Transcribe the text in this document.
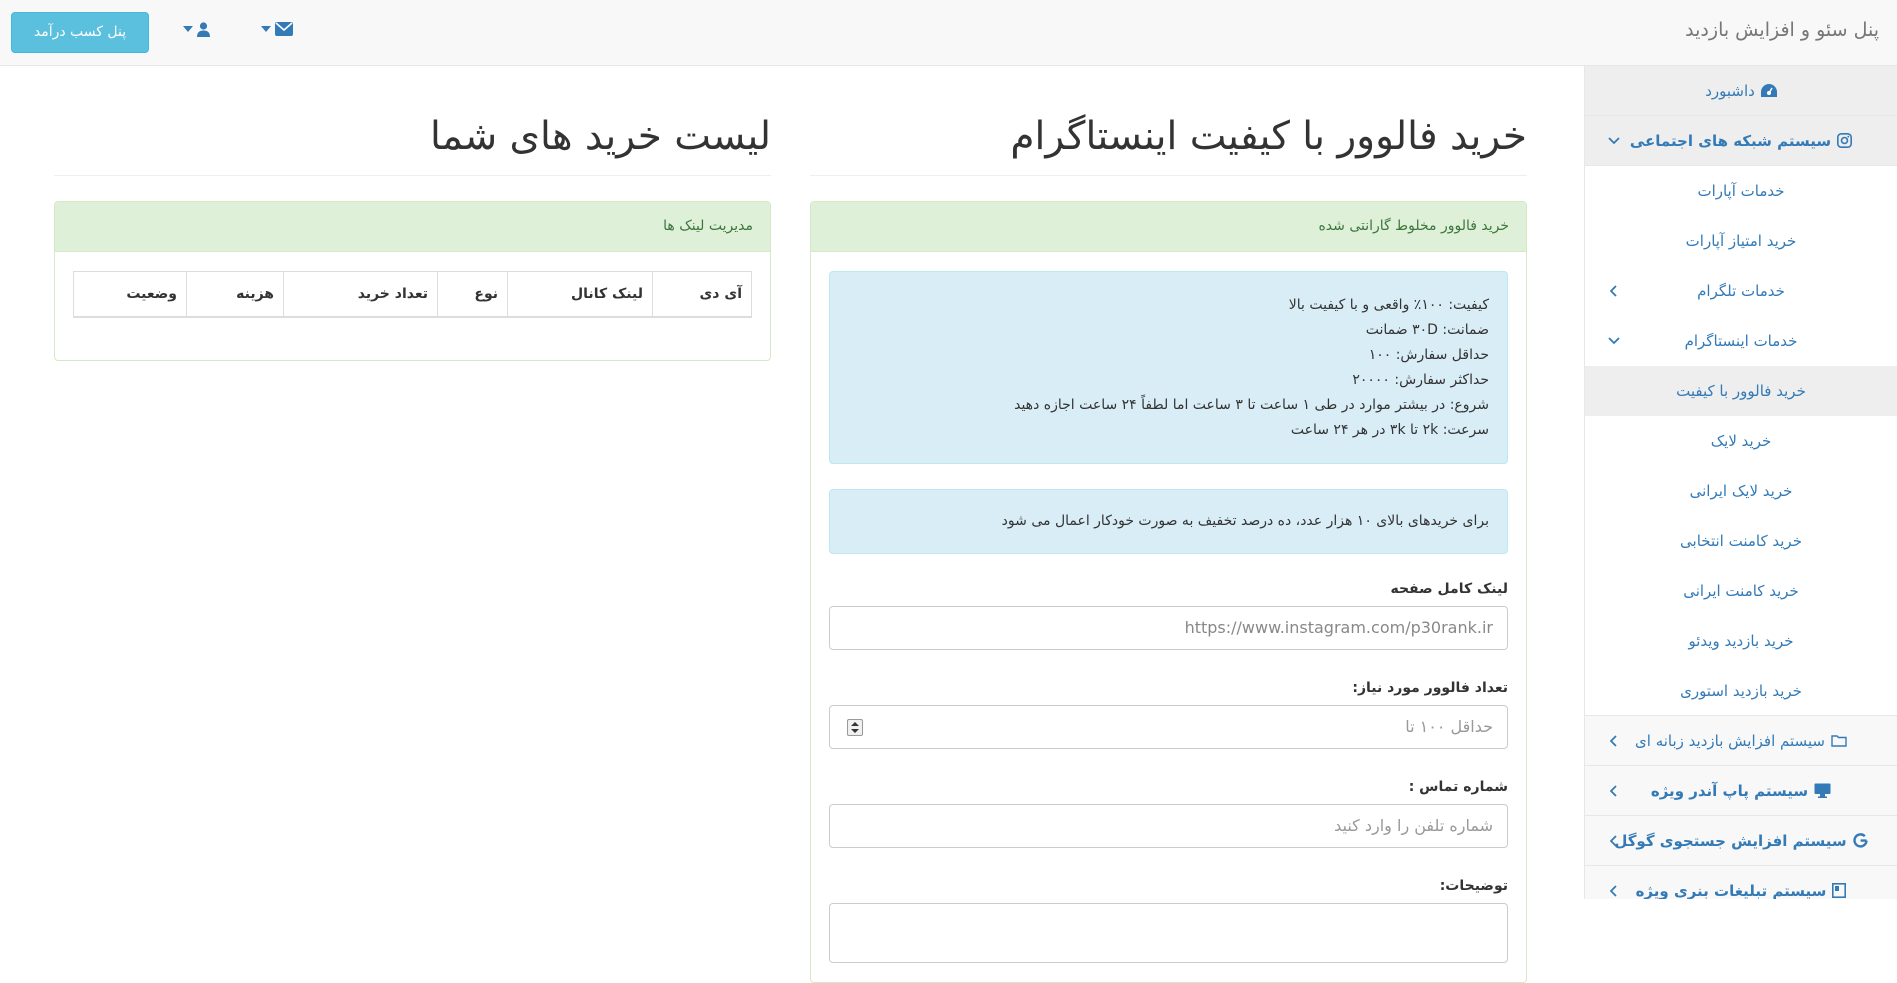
پنل سئو و افزایش بازدید
پنل کسب درآمد
داشبورد
سیستم شبکه های اجتماعی
خدمات آپارات
خرید امتیاز آپارات
خدمات تلگرام
خدمات اینستاگرام
خرید فالوور با کیفیت
خرید لایک
خرید لایک ایرانی
خرید کامنت انتخابی
خرید کامنت ایرانی
خرید بازدید ویدئو
خرید بازدید استوری
سیستم افزایش بازدید زبانه ای
سیستم پاپ آندر ویژه
سیستم افزایش جستجوی گوگل
سیستم تبلیغات بنری ویژه
خرید فالوور با کیفیت اینستاگرام
خرید فالوور مخلوط گارانتی شده
کیفیت: ۱۰۰٪ واقعی و با کیفیت بالا
ضمانت: ۳۰D ضمانت
حداقل سفارش: ۱۰۰
حداکثر سفارش: ۲۰۰۰۰
شروع: در بیشتر موارد در طی ۱ ساعت تا ۳ ساعت اما لطفاً ۲۴ ساعت اجازه دهید
سرعت: ۲k تا ۳k در هر ۲۴ ساعت
برای خریدهای بالای ۱۰ هزار عدد، ده درصد تخفیف به صورت خودکار اعمال می شود
لینک کامل صفحه
https://www.instagram.com/p30rank.ir
تعداد فالوور مورد نیاز:
حداقل ۱۰۰ تا
شماره تماس :
شماره تلفن را وارد کنید
توضیحات:
لیست خرید های شما
مدیریت لینک ها
آی دی	لینک کانال	نوع	تعداد خرید	هزینه	وضعیت
